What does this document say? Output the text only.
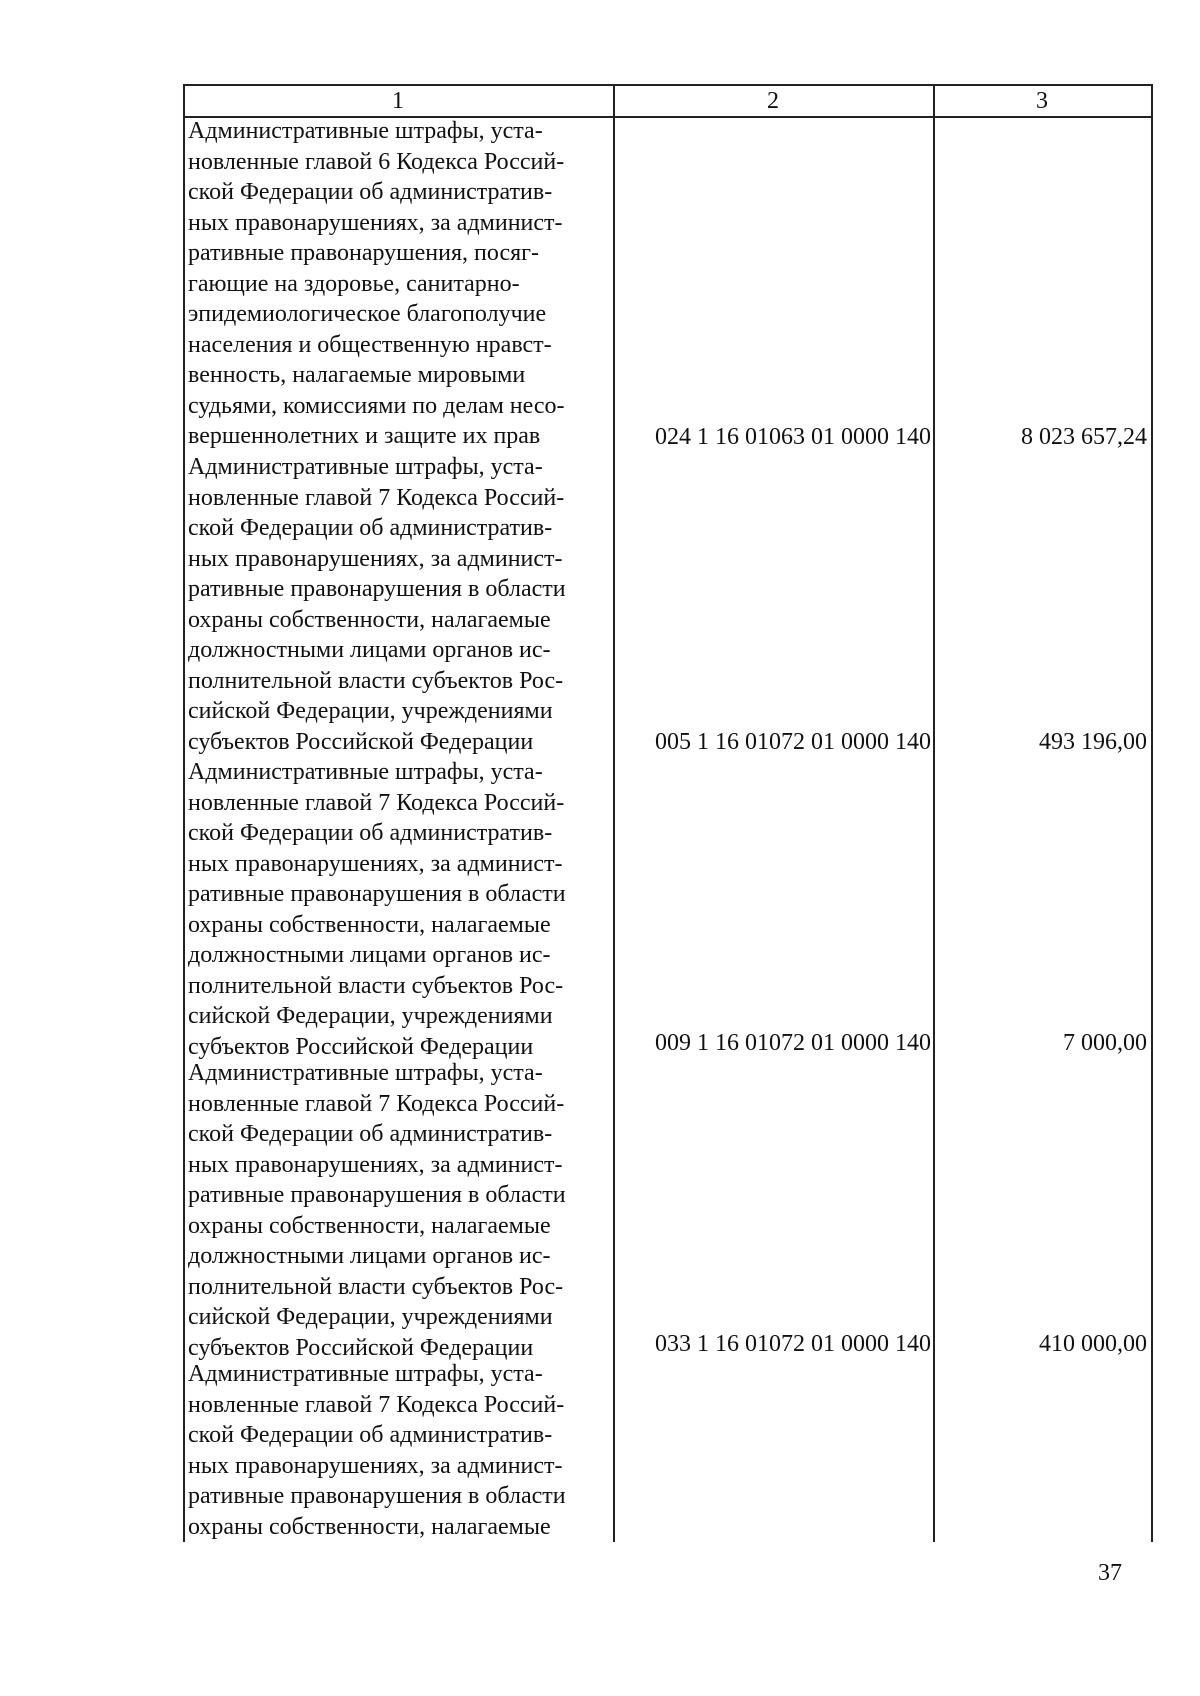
1	2	3

Административные штрафы, уста-
новленные главой 6 Кодекса Россий-
ской Федерации об административ-
ных правонарушениях, за админист-
ративные правонарушения, посяг-
гающие на здоровье, санитарно-
эпидемиологическое благополучие
населения и общественную нравст-
венность, налагаемые мировыми
судьями, комиссиями по делам несо-
вершеннолетних и защите их прав	024 1 16 01063 01 0000 140	8 023 657,24

Административные штрафы, уста-
новленные главой 7 Кодекса Россий-
ской Федерации об административ-
ных правонарушениях, за админист-
ративные правонарушения в области
охраны собственности, налагаемые
должностными лицами органов ис-
полнительной власти субъектов Рос-
сийской Федерации, учреждениями
субъектов Российской Федерации	005 1 16 01072 01 0000 140	493 196,00

Административные штрафы, уста-
новленные главой 7 Кодекса Россий-
ской Федерации об административ-
ных правонарушениях, за админист-
ративные правонарушения в области
охраны собственности, налагаемые
должностными лицами органов ис-
полнительной власти субъектов Рос-
сийской Федерации, учреждениями
субъектов Российской Федерации	009 1 16 01072 01 0000 140	7 000,00

Административные штрафы, уста-
новленные главой 7 Кодекса Россий-
ской Федерации об административ-
ных правонарушениях, за админист-
ративные правонарушения в области
охраны собственности, налагаемые
должностными лицами органов ис-
полнительной власти субъектов Рос-
сийской Федерации, учреждениями
субъектов Российской Федерации	033 1 16 01072 01 0000 140	410 000,00

Административные штрафы, уста-
новленные главой 7 Кодекса Россий-
ской Федерации об административ-
ных правонарушениях, за админист-
ративные правонарушения в области
охраны собственности, налагаемые

37
